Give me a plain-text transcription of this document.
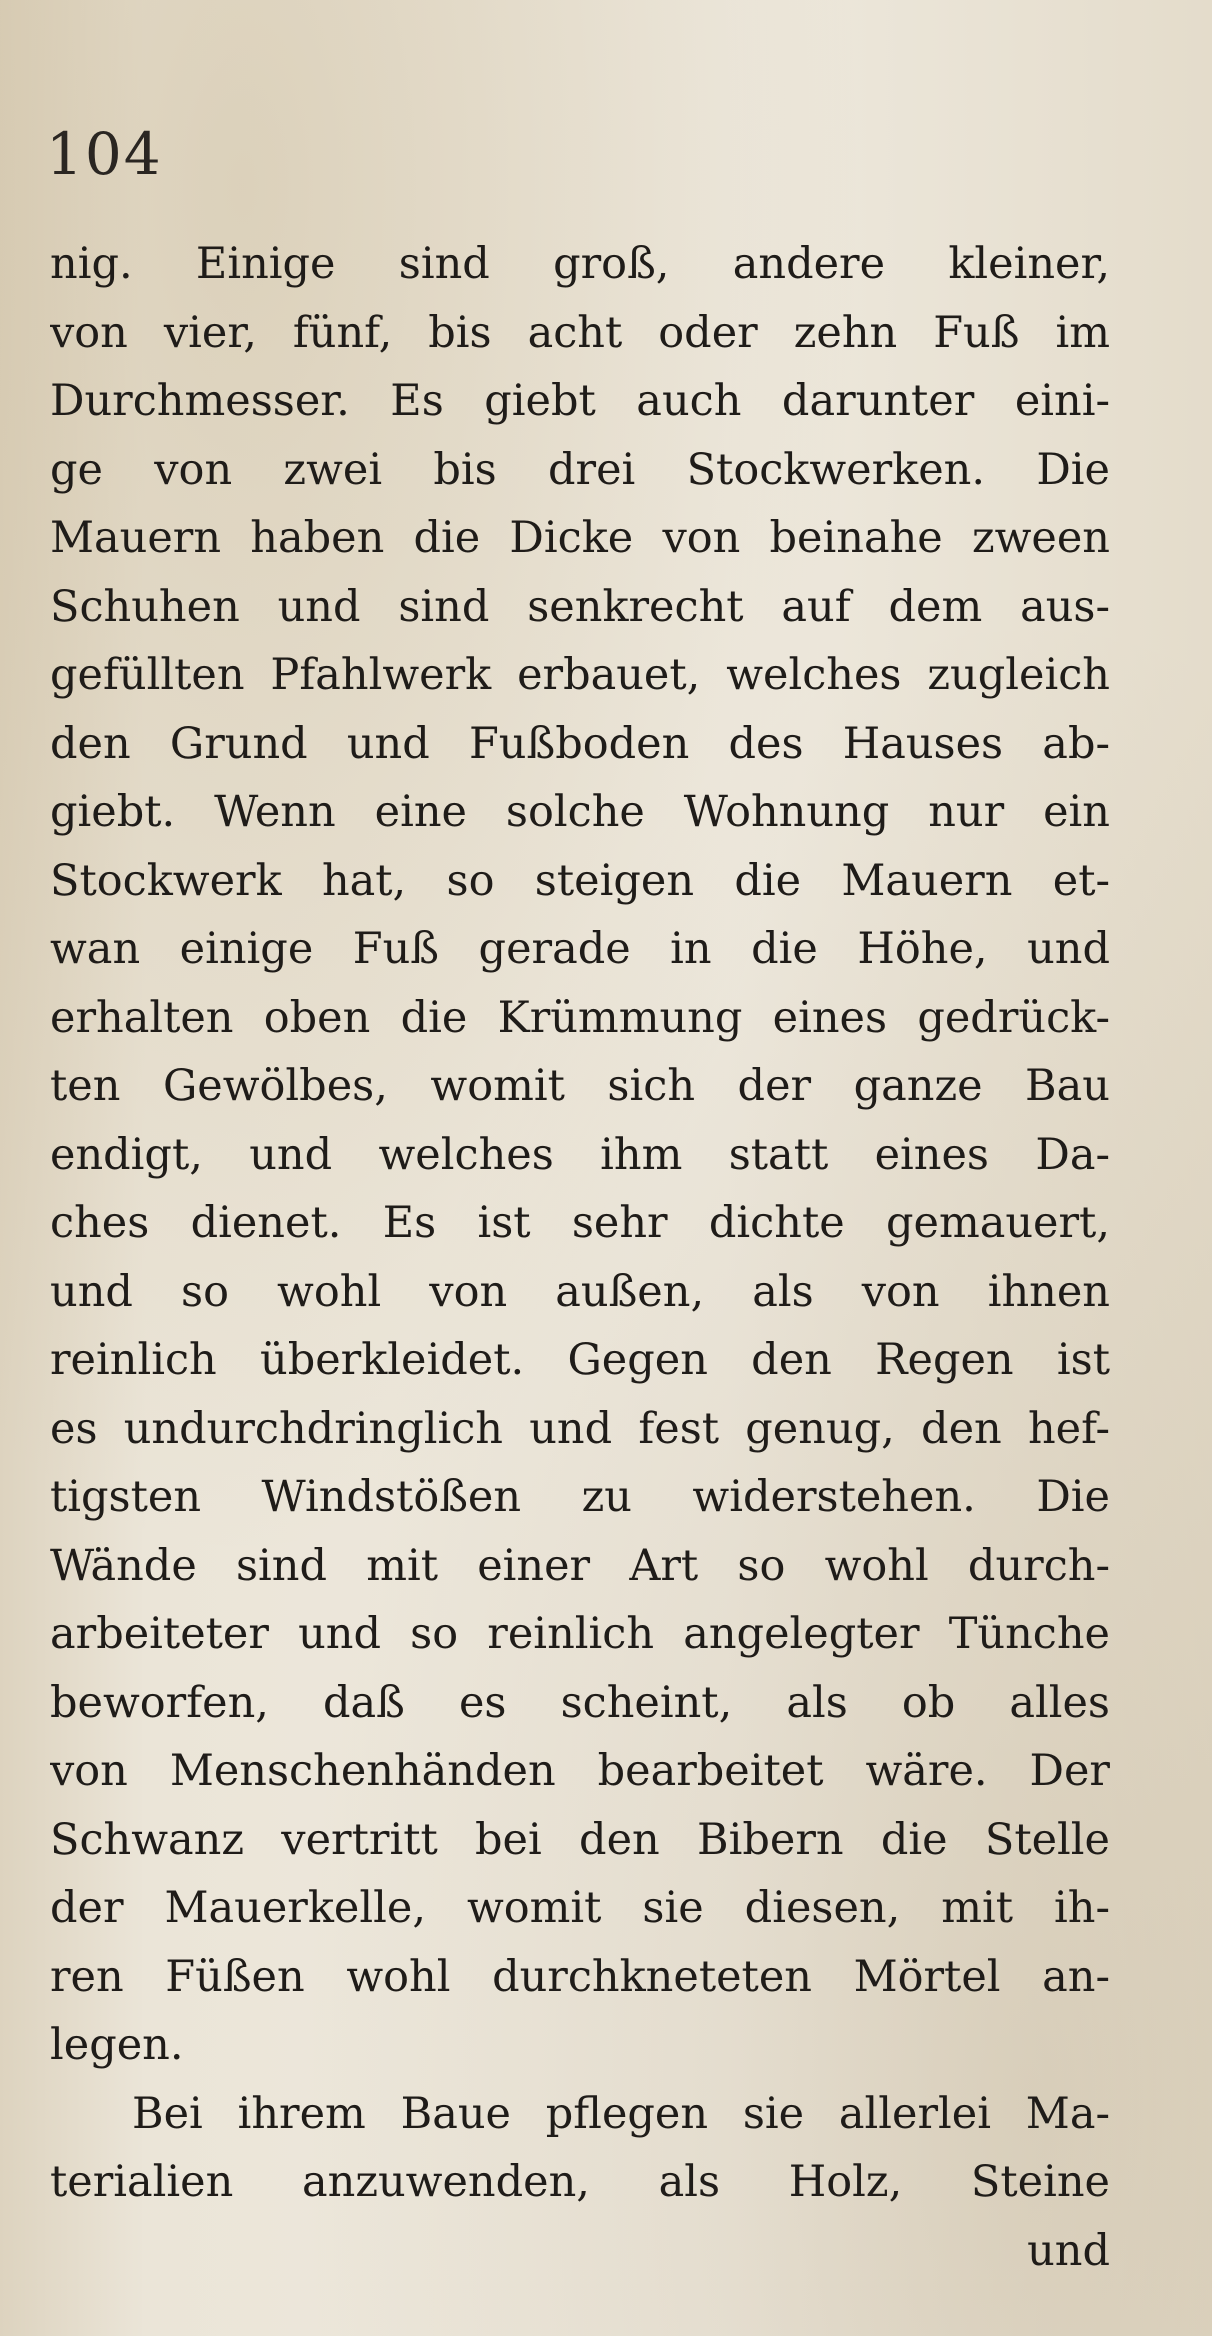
104
nig. Einige sind groß, andere kleiner,
von vier, fünf, bis acht oder zehn Fuß im
Durchmesser. Es giebt auch darunter eini-
ge von zwei bis drei Stockwerken. Die
Mauern haben die Dicke von beinahe zween
Schuhen und sind senkrecht auf dem aus-
gefüllten Pfahlwerk erbauet, welches zugleich
den Grund und Fußboden des Hauses ab-
giebt. Wenn eine solche Wohnung nur ein
Stockwerk hat, so steigen die Mauern et-
wan einige Fuß gerade in die Höhe, und
erhalten oben die Krümmung eines gedrück-
ten Gewölbes, womit sich der ganze Bau
endigt, und welches ihm statt eines Da-
ches dienet. Es ist sehr dichte gemauert,
und so wohl von außen, als von ihnen
reinlich überkleidet. Gegen den Regen ist
es undurchdringlich und fest genug, den hef-
tigsten Windstößen zu widerstehen. Die
Wände sind mit einer Art so wohl durch-
arbeiteter und so reinlich angelegter Tünche
beworfen, daß es scheint, als ob alles
von Menschenhänden bearbeitet wäre. Der
Schwanz vertritt bei den Bibern die Stelle
der Mauerkelle, womit sie diesen, mit ih-
ren Füßen wohl durchkneteten Mörtel an-
legen.
Bei ihrem Baue pflegen sie allerlei Ma-
terialien anzuwenden, als Holz, Steine
und
